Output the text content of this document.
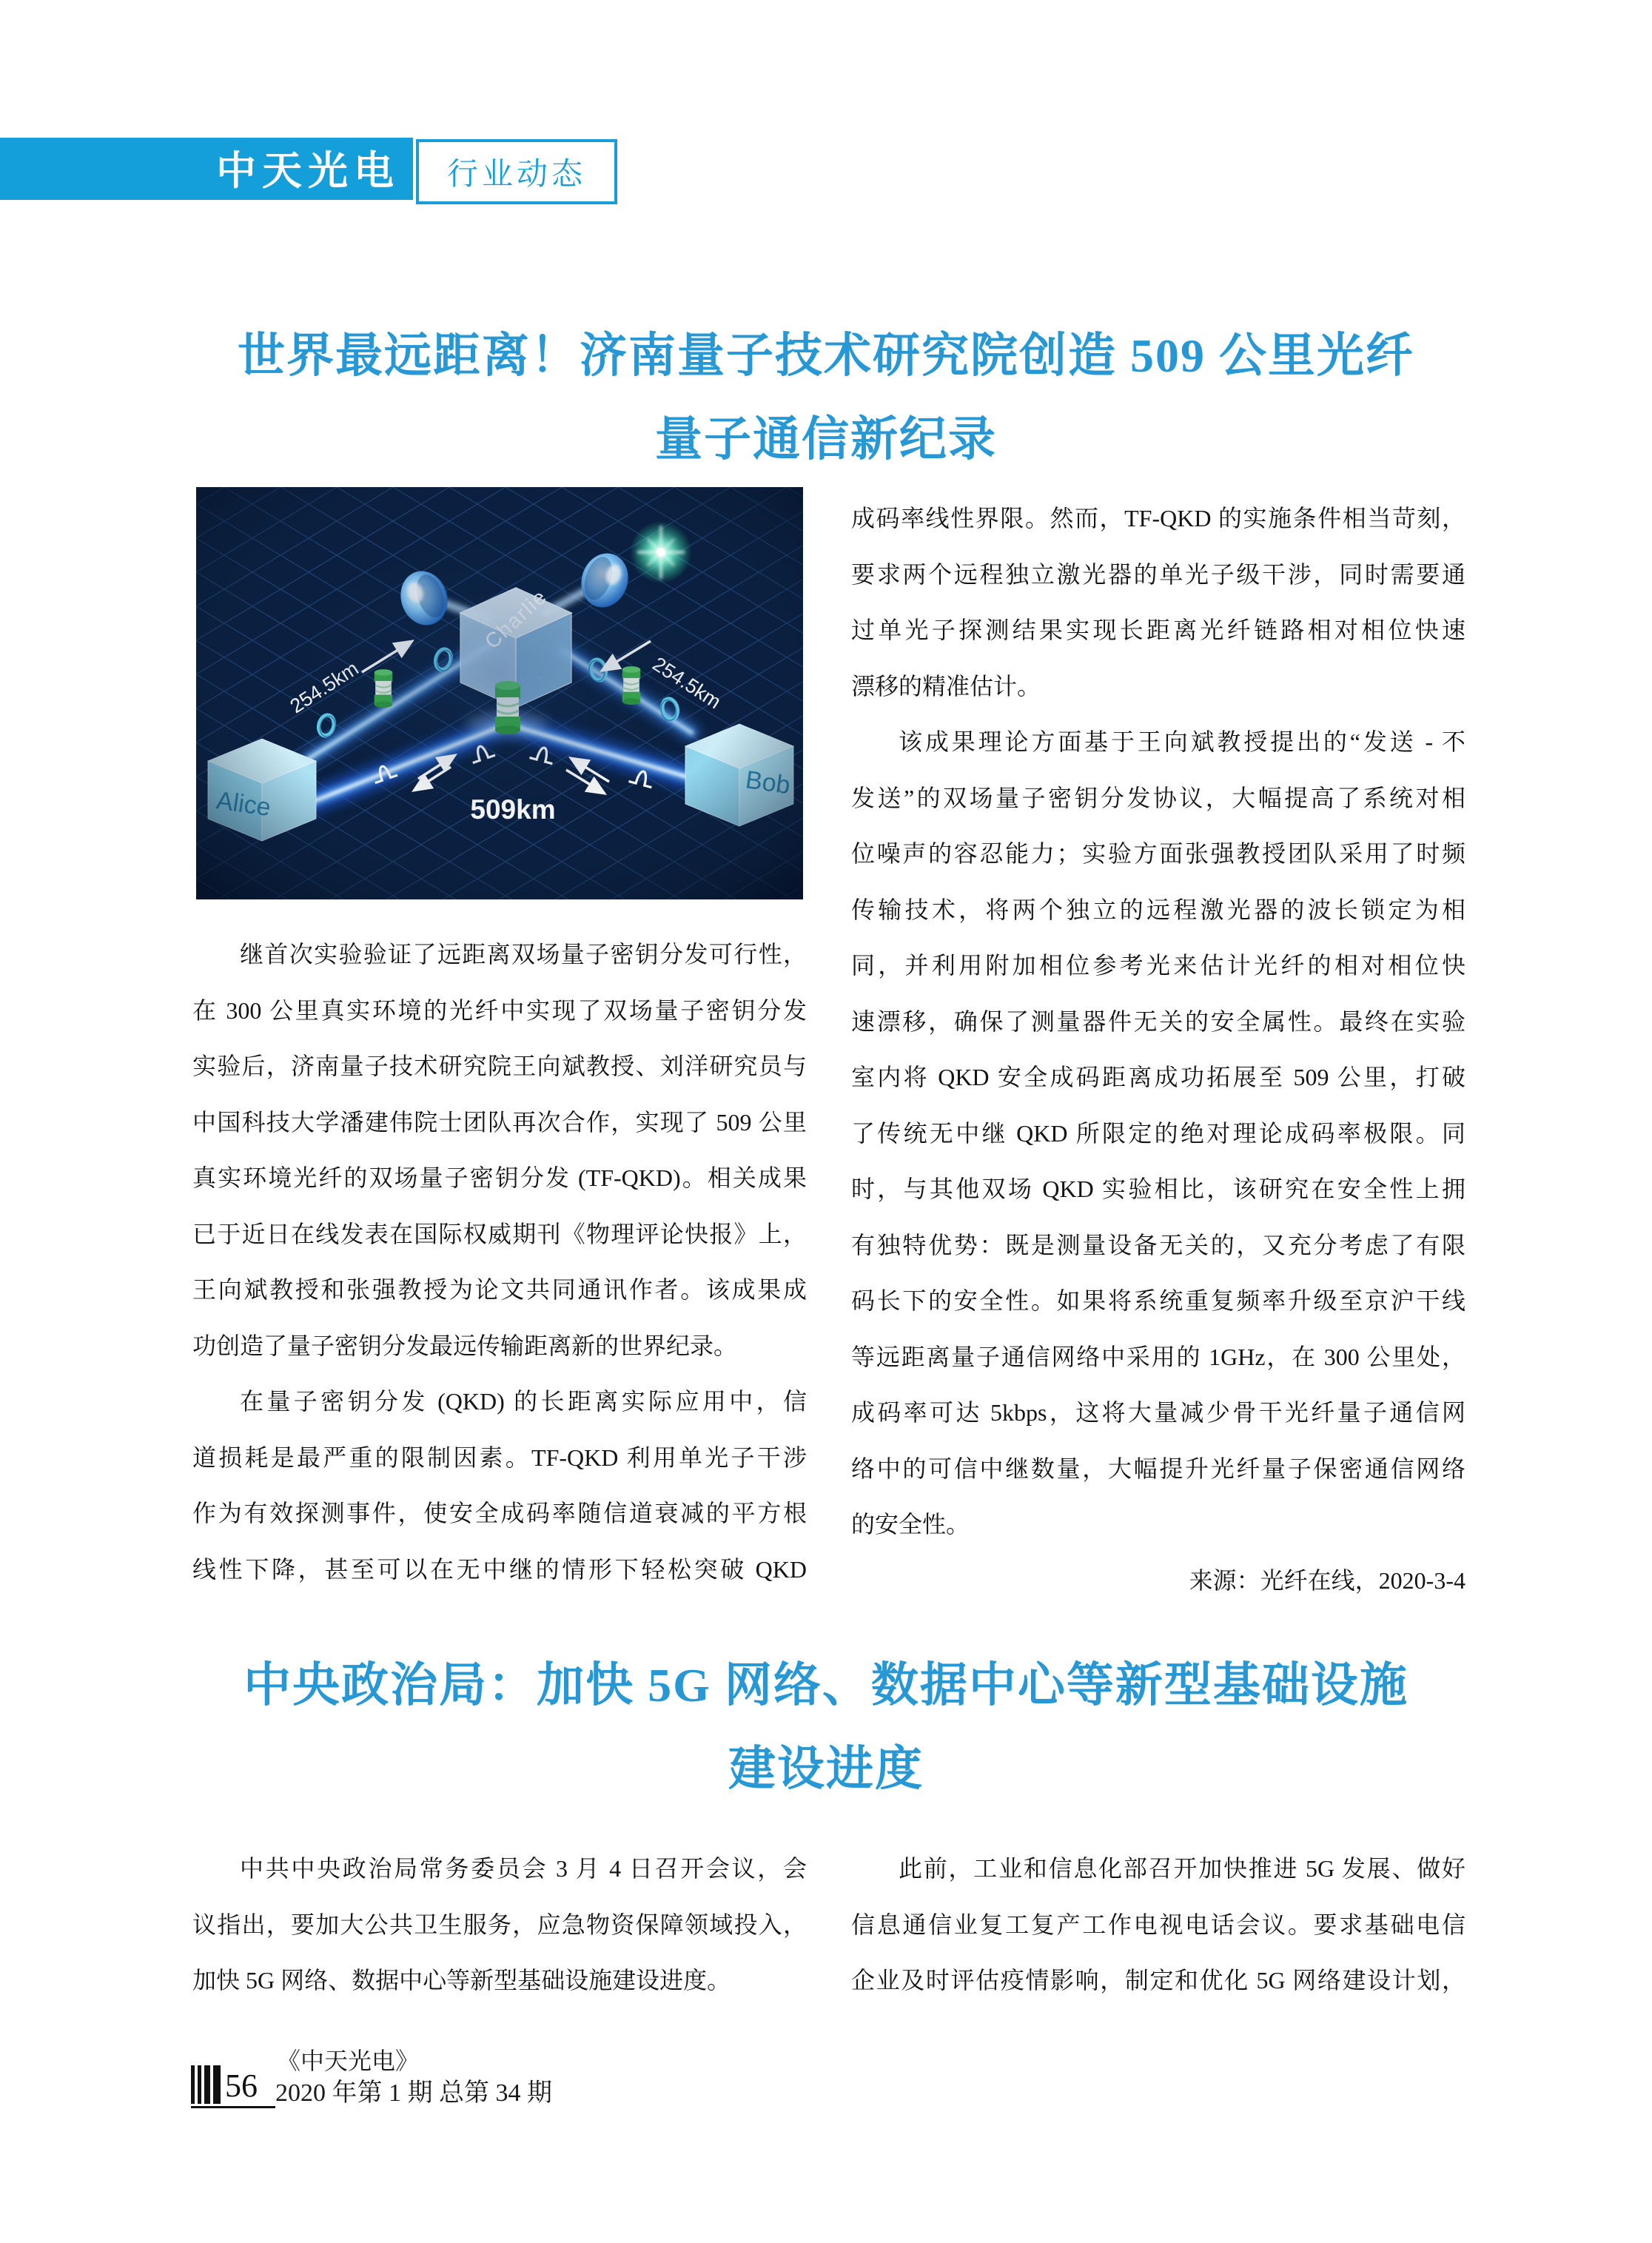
中天光电 行业动态
世界最远距离！济南量子技术研究院创造 509 公里光纤
量子通信新纪录
继首次实验验证了远距离双场量子密钥分发可行性，
在 300 公里真实环境的光纤中实现了双场量子密钥分发
实验后，济南量子技术研究院王向斌教授、刘洋研究员与
中国科技大学潘建伟院士团队再次合作，实现了 509 公里
真实环境光纤的双场量子密钥分发 (TF-QKD)。相关成果
已于近日在线发表在国际权威期刊《物理评论快报》上，
王向斌教授和张强教授为论文共同通讯作者。该成果成
功创造了量子密钥分发最远传输距离新的世界纪录。
在量子密钥分发 (QKD) 的长距离实际应用中，信
道损耗是最严重的限制因素。TF-QKD 利用单光子干涉
作为有效探测事件，使安全成码率随信道衰减的平方根
线性下降，甚至可以在无中继的情形下轻松突破 QKD
成码率线性界限。然而，TF-QKD 的实施条件相当苛刻，
要求两个远程独立激光器的单光子级干涉，同时需要通
过单光子探测结果实现长距离光纤链路相对相位快速
漂移的精准估计。
该成果理论方面基于王向斌教授提出的“发送 - 不
发送”的双场量子密钥分发协议，大幅提高了系统对相
位噪声的容忍能力；实验方面张强教授团队采用了时频
传输技术，将两个独立的远程激光器的波长锁定为相
同，并利用附加相位参考光来估计光纤的相对相位快
速漂移，确保了测量器件无关的安全属性。最终在实验
室内将 QKD 安全成码距离成功拓展至 509 公里，打破
了传统无中继 QKD 所限定的绝对理论成码率极限。同
时，与其他双场 QKD 实验相比，该研究在安全性上拥
有独特优势：既是测量设备无关的，又充分考虑了有限
码长下的安全性。如果将系统重复频率升级至京沪干线
等远距离量子通信网络中采用的 1GHz，在 300 公里处，
成码率可达 5kbps，这将大量减少骨干光纤量子通信网
络中的可信中继数量，大幅提升光纤量子保密通信网络
的安全性。
来源：光纤在线，2020-3-4
中央政治局：加快 5G 网络、数据中心等新型基础设施
建设进度
中共中央政治局常务委员会 3 月 4 日召开会议，会
议指出，要加大公共卫生服务，应急物资保障领域投入，
加快 5G 网络、数据中心等新型基础设施建设进度。
此前，工业和信息化部召开加快推进 5G 发展、做好
信息通信业复工复产工作电视电话会议。要求基础电信
企业及时评估疫情影响，制定和优化 5G 网络建设计划，
56
《中天光电》
2020 年第 1 期 总第 34 期
